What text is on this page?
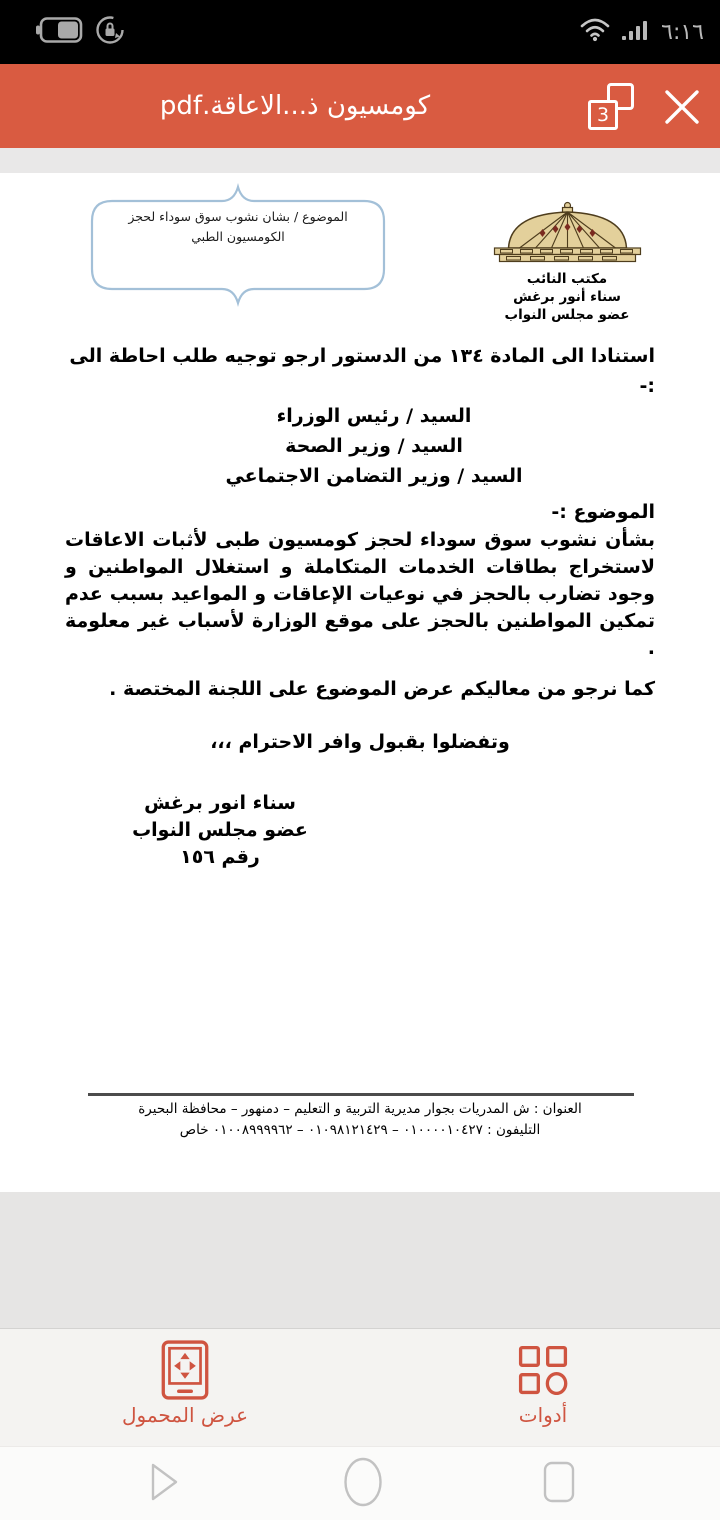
٦:١٦
كومسيون ذ...الاعاقة.pdf	3
الموضوع / بشان نشوب سوق سوداء لحجز الكومسيون الطبي
مكتب النائب
سناء أنور برغش
عضو مجلس النواب

استنادا الى المادة ١٣٤ من الدستور ارجو توجيه طلب احاطة الى :-

السيد / رئيس الوزراء
السيد / وزير الصحة
السيد / وزير التضامن الاجتماعي

الموضوع :-

بشأن نشوب سوق سوداء لحجز كومسيون طبى لأثبات الاعاقات لاستخراج بطاقات الخدمات المتكاملة و استغلال المواطنين و وجود تضارب بالحجز في نوعيات الإعاقات و المواعيد بسبب عدم تمكين المواطنين بالحجز على موقع الوزارة لأسباب غير معلومة .

كما نرجو من معاليكم عرض الموضوع على اللجنة المختصة .

وتفضلوا بقبول وافر الاحترام ،،،

سناء انور برغش
عضو مجلس النواب
رقم ١٥٦
العنوان : ش المدريات بجوار مديرية التربية و التعليم – دمنهور – محافظة البحيرة
التليفون : ٠١٠٠٠٠١٠٤٢٧ – ٠١٠٩٨١٢١٤٢٩ – ٠١٠٠٨٩٩٩٩٦٢ خاص
عرض المحمول	أدوات
